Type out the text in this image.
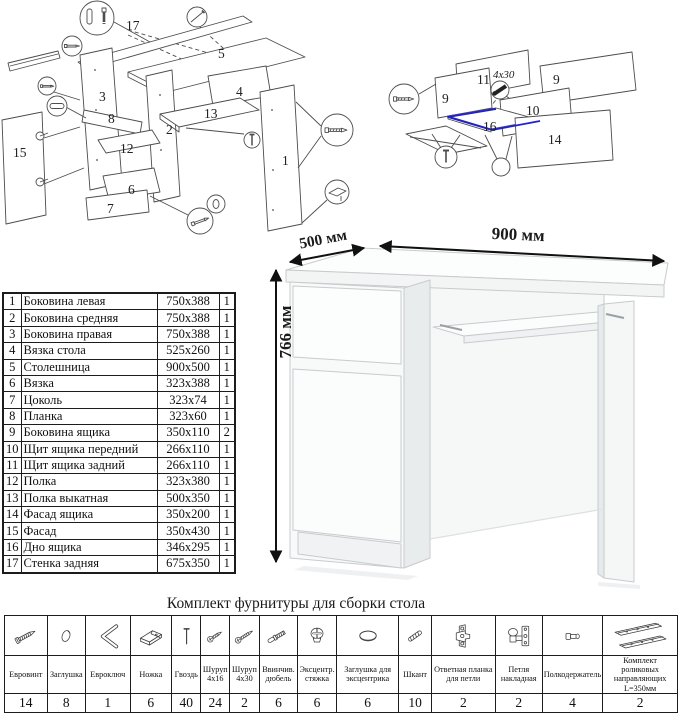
17
5
3
8
2
4
13
12
6
7
15
1
11	9
9
10
16
14
4x30
900 мм
500 мм
766 мм
1	Боковина левая	750x388	1
2	Боковина средняя	750x388	1
3	Боковина правая	750x388	1
4	Вязка стола	525x260	1
5	Столешница	900x500	1
6	Вязка	323x388	1
7	Цоколь	323x74	1
8	Планка	323x60	1
9	Боковина ящика	350x110	2
10	Щит ящика передний	266x110	1
11	Щит ящика задний	266x110	1
12	Полка	323x380	1
13	Полка выкатная	500x350	1
14	Фасад ящика	350x200	1
15	Фасад	350x430	1
16	Дно ящика	346x295	1
17	Стенка задняя	675x350	1
Комплект фурнитуры для сборки стола

Евровинт	Заглушка	Евроключ	Ножка	Гвоздь	Шуруп 4x16	Шуруп 4x30	Ввинчив. дюбель	Эксцентр. стяжка	Заглушка для эксцентрика	Шкант	Ответная планка для петли	Петля накладная	Полкодержатель	Комплект роликовых направляющих L=350мм
14	8	1	6	40	24	2	6	6	6	10	2	2	4	2
